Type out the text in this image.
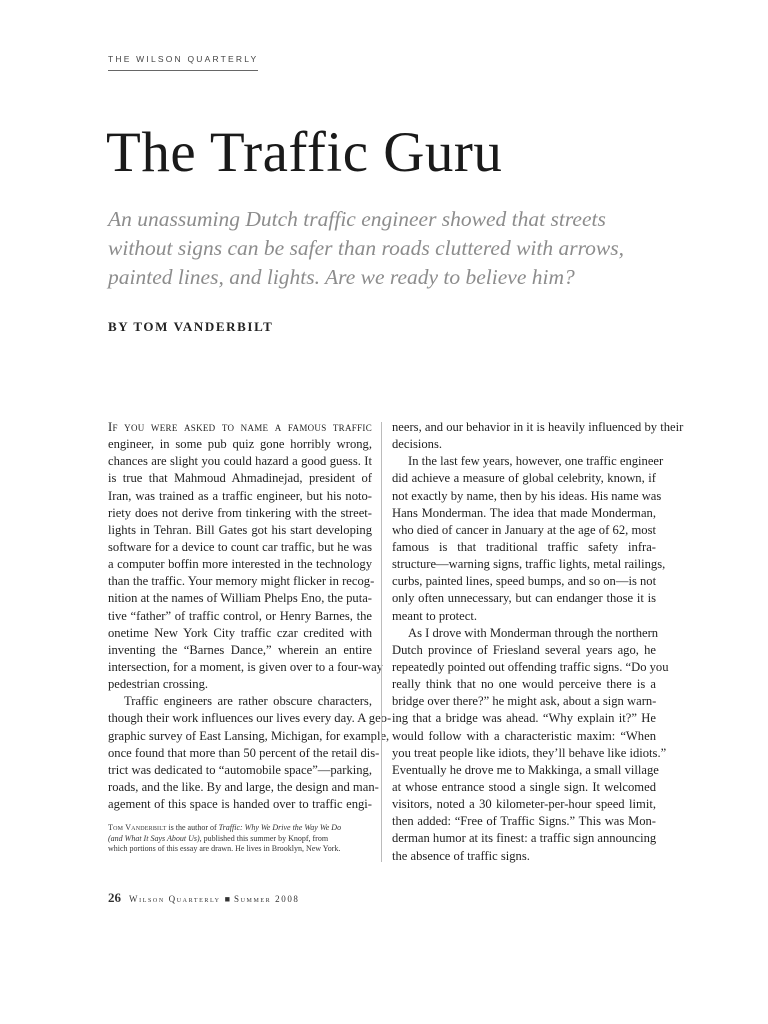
THE WILSON QUARTERLY
The Traffic Guru

An unassuming Dutch traffic engineer showed that streets
without signs can be safer than roads cluttered with arrows,
painted lines, and lights. Are we ready to believe him?

BY TOM VANDERBILT
If you were asked to name a famous traffic
engineer, in some pub quiz gone horribly wrong,
chances are slight you could hazard a good guess. It
is true that Mahmoud Ahmadinejad, president of
Iran, was trained as a traffic engineer, but his noto-
riety does not derive from tinkering with the street-
lights in Tehran. Bill Gates got his start developing
software for a device to count car traffic, but he was
a computer boffin more interested in the technology
than the traffic. Your memory might flicker in recog-
nition at the names of William Phelps Eno, the puta-
tive “father” of traffic control, or Henry Barnes, the
onetime New York City traffic czar credited with
inventing the “Barnes Dance,” wherein an entire
intersection, for a moment, is given over to a four-way
pedestrian crossing.
Traffic engineers are rather obscure characters,
though their work influences our lives every day. A geo-
graphic survey of East Lansing, Michigan, for example,
once found that more than 50 percent of the retail dis-
trict was dedicated to “automobile space”—parking,
roads, and the like. By and large, the design and man-
agement of this space is handed over to traffic engi-
neers, and our behavior in it is heavily influenced by their
decisions.
In the last few years, however, one traffic engineer
did achieve a measure of global celebrity, known, if
not exactly by name, then by his ideas. His name was
Hans Monderman. The idea that made Monderman,
who died of cancer in January at the age of 62, most
famous is that traditional traffic safety infra-
structure—warning signs, traffic lights, metal railings,
curbs, painted lines, speed bumps, and so on—is not
only often unnecessary, but can endanger those it is
meant to protect.
As I drove with Monderman through the northern
Dutch province of Friesland several years ago, he
repeatedly pointed out offending traffic signs. “Do you
really think that no one would perceive there is a
bridge over there?” he might ask, about a sign warn-
ing that a bridge was ahead. “Why explain it?” He
would follow with a characteristic maxim: “When
you treat people like idiots, they’ll behave like idiots.”
Eventually he drove me to Makkinga, a small village
at whose entrance stood a single sign. It welcomed
visitors, noted a 30 kilometer-per-hour speed limit,
then added: “Free of Traffic Signs.” This was Mon-
derman humor at its finest: a traffic sign announcing
the absence of traffic signs.
Tom Vanderbilt is the author of Traffic: Why We Drive the Way We Do
(and What It Says About Us), published this summer by Knopf, from
which portions of this essay are drawn. He lives in Brooklyn, New York.
26 Wilson Quarterly ■ Summer 2008
